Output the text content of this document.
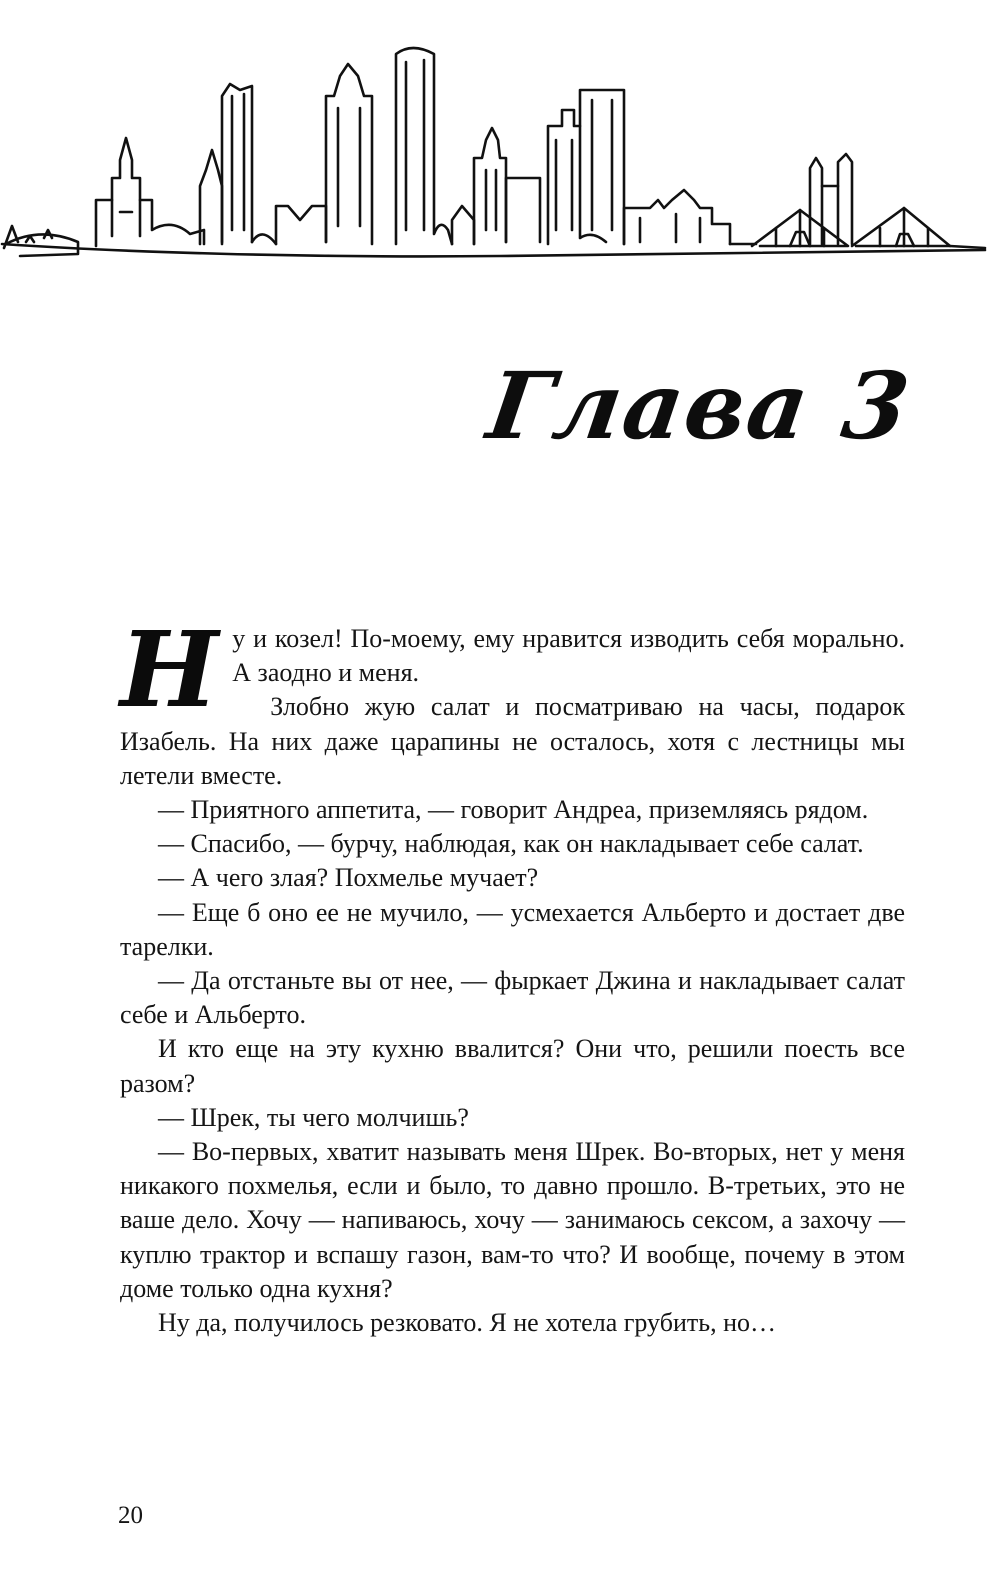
Глава 3

Ну и козел! По-моему, ему нравится изводить себя морально. А заодно и меня.

Злобно жую салат и посматриваю на часы, подарок Изабель. На них даже царапины не осталось, хотя с лестницы мы летели вместе.

— Приятного аппетита, — говорит Андреа, приземляясь рядом.

— Спасибо, — бурчу, наблюдая, как он накладывает себе салат.

— А чего злая? Похмелье мучает?

— Еще б оно ее не мучило, — усмехается Альберто и достает две тарелки.

— Да отстаньте вы от нее, — фыркает Джина и накладывает салат себе и Альберто.

И кто еще на эту кухню ввалится? Они что, решили поесть все разом?

— Шрек, ты чего молчишь?

— Во-первых, хватит называть меня Шрек. Во-вторых, нет у меня никакого похмелья, если и было, то давно прошло. В-третьих, это не ваше дело. Хочу — напиваюсь, хочу — занимаюсь сексом, а захочу — куплю трактор и вспашу газон, вам-то что? И вообще, почему в этом доме только одна кухня?

Ну да, получилось резковато. Я не хотела грубить, но…

20
